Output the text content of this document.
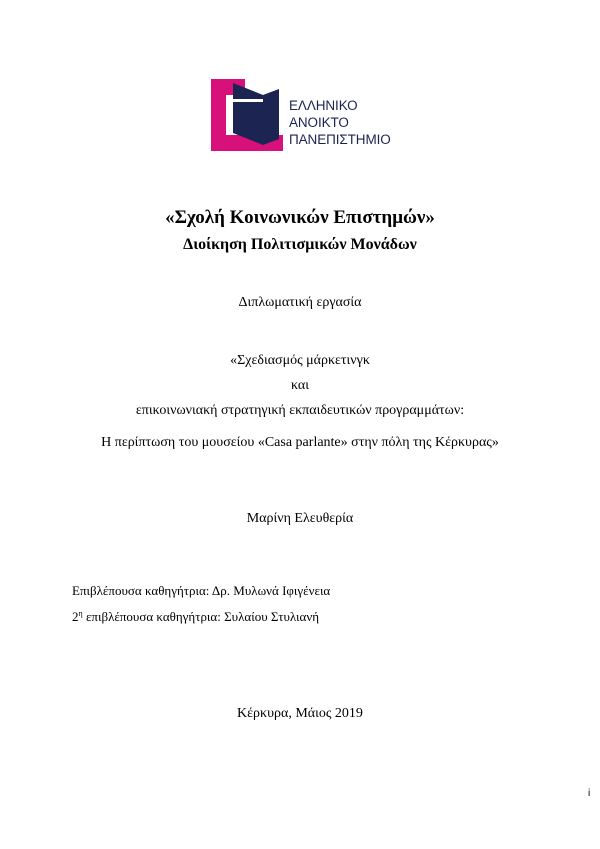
ΕΛΛΗΝΙΚΟ
ΑΝΟΙΚΤΟ
ΠΑΝΕΠΙΣΤΗΜΙΟ
«Σχολή Κοινωνικών Επιστημών»
Διοίκηση Πολιτισμικών Μονάδων
Διπλωματική εργασία
«Σχεδιασμός μάρκετινγκ
και
επικοινωνιακή στρατηγική εκπαιδευτικών προγραμμάτων:
Η περίπτωση του μουσείου «Casa parlante» στην πόλη της Κέρκυρας»
Μαρίνη Ελευθερία
Επιβλέπουσα καθηγήτρια: Δρ. Μυλωνά Ιφιγένεια
$2^\eta$ επιβλέπουσα καθηγήτρια: Συλαίου Στυλιανή
Κέρκυρα, Μάιος 2019
i
